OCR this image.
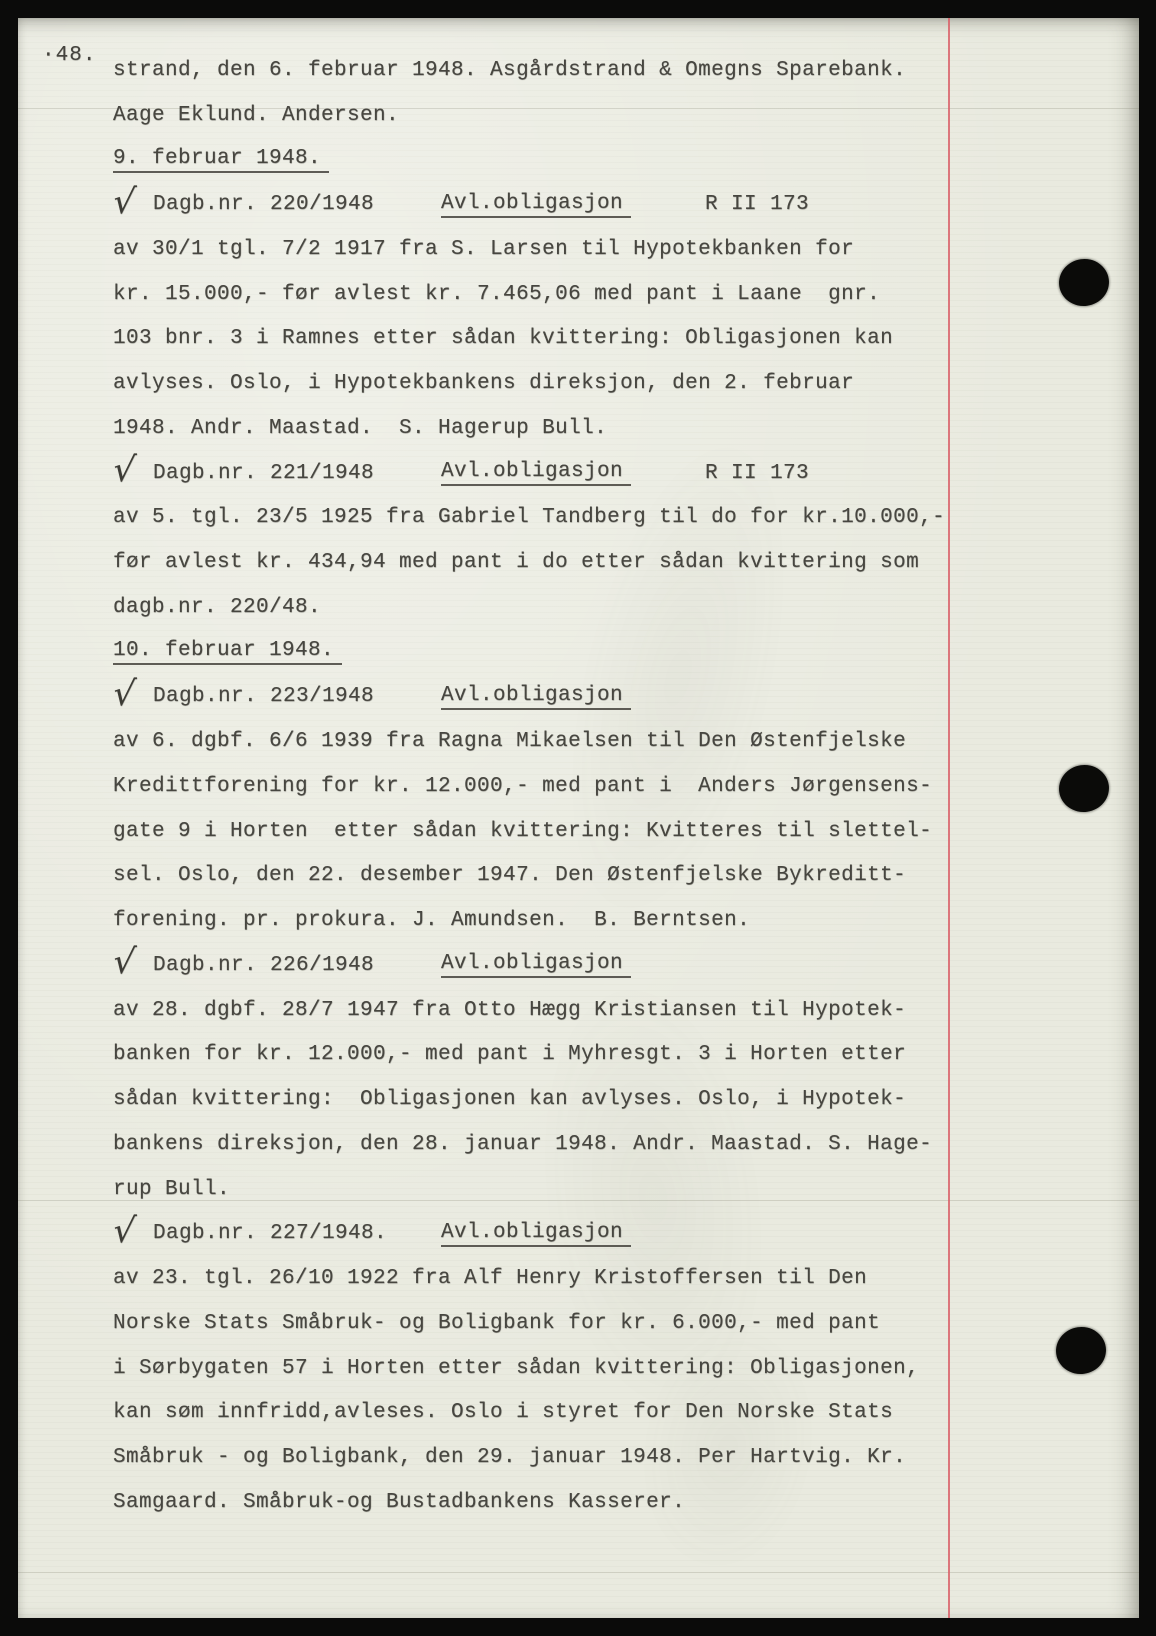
·48.
strand, den 6. februar 1948. Asgårdstrand & Omegns Sparebank.
Aage Eklund. Andersen.
9. februar 1948.
√ Dagb.nr. 220/1948	Avl.obligasjon	R II 173
av 30/1 tgl. 7/2 1917 fra S. Larsen til Hypotekbanken for
kr. 15.000,- før avlest kr. 7.465,06 med pant i Laane  gnr.
103 bnr. 3 i Ramnes etter sådan kvittering: Obligasjonen kan
avlyses. Oslo, i Hypotekbankens direksjon, den 2. februar
1948. Andr. Maastad.  S. Hagerup Bull.
√ Dagb.nr. 221/1948	Avl.obligasjon	R II 173
av 5. tgl. 23/5 1925 fra Gabriel Tandberg til do for kr.10.000,-
før avlest kr. 434,94 med pant i do etter sådan kvittering som
dagb.nr. 220/48.
10. februar 1948.
√ Dagb.nr. 223/1948	Avl.obligasjon
av 6. dgbf. 6/6 1939 fra Ragna Mikaelsen til Den Østenfjelske
Kredittforening for kr. 12.000,- med pant i  Anders Jørgensens-
gate 9 i Horten  etter sådan kvittering: Kvitteres til slettel-
sel. Oslo, den 22. desember 1947. Den Østenfjelske Bykreditt-
forening. pr. prokura. J. Amundsen.  B. Berntsen.
√ Dagb.nr. 226/1948	Avl.obligasjon
av 28. dgbf. 28/7 1947 fra Otto Hægg Kristiansen til Hypotek-
banken for kr. 12.000,- med pant i Myhresgt. 3 i Horten etter
sådan kvittering:  Obligasjonen kan avlyses. Oslo, i Hypotek-
bankens direksjon, den 28. januar 1948. Andr. Maastad. S. Hage-
rup Bull.
√ Dagb.nr. 227/1948.	Avl.obligasjon
av 23. tgl. 26/10 1922 fra Alf Henry Kristoffersen til Den
Norske Stats Småbruk- og Boligbank for kr. 6.000,- med pant
i Sørbygaten 57 i Horten etter sådan kvittering: Obligasjonen,
kan søm innfridd,avleses. Oslo i styret for Den Norske Stats
Småbruk - og Boligbank, den 29. januar 1948. Per Hartvig. Kr.
Samgaard. Småbruk-og Bustadbankens Kasserer.
